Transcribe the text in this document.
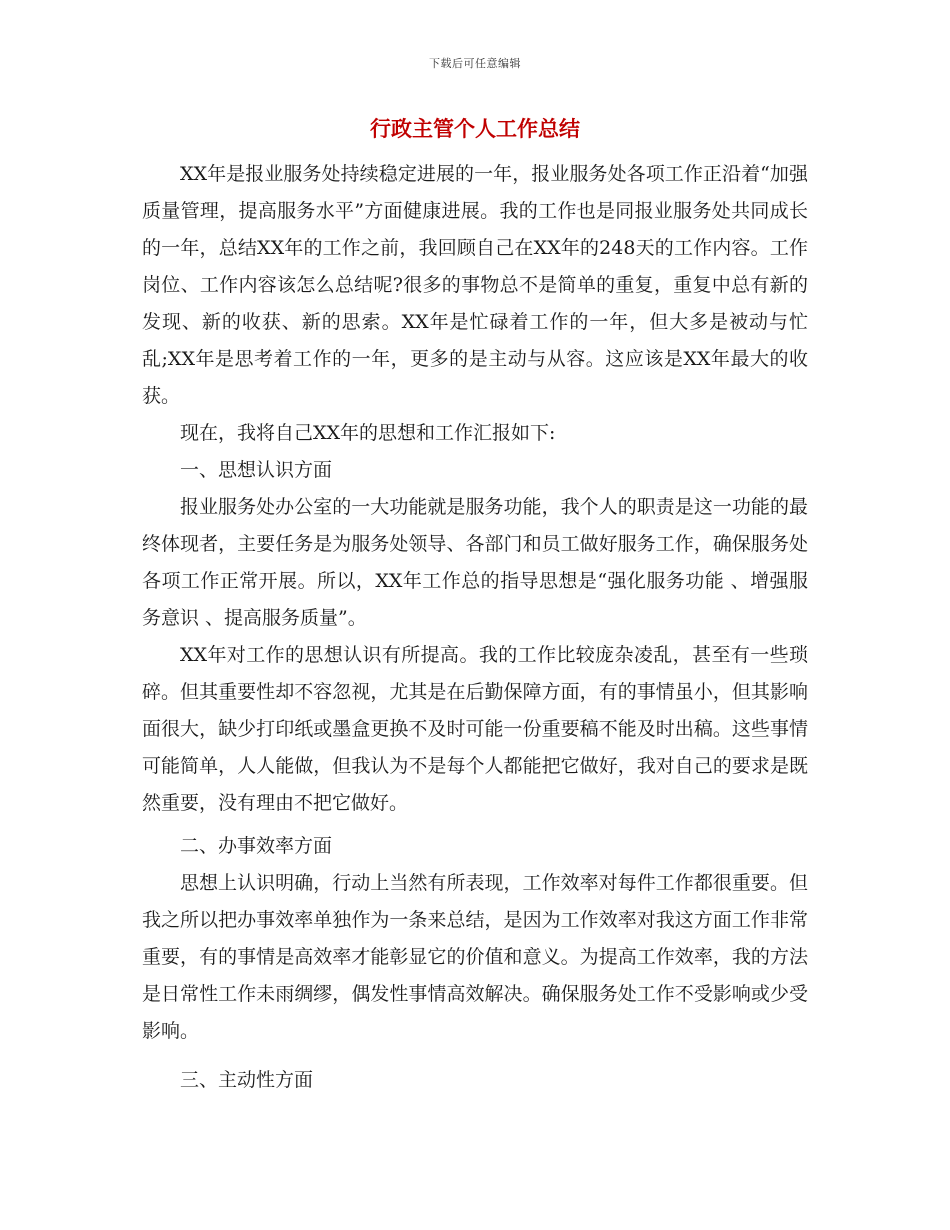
下载后可任意编辑
行政主管个人工作总结

XX年是报业服务处持续稳定进展的一年，报业服务处各项工作正沿着“加强质量管理，提高服务水平”方面健康进展。我的工作也是同报业服务处共同成长的一年，总结XX年的工作之前，我回顾自己在XX年的248天的工作内容。工作岗位、工作内容该怎么总结呢?很多的事物总不是简单的重复，重复中总有新的发现、新的收获、新的思索。XX年是忙碌着工作的一年，但大多是被动与忙乱;XX年是思考着工作的一年，更多的是主动与从容。这应该是XX年最大的收获。

现在，我将自己XX年的思想和工作汇报如下:

一、思想认识方面

报业服务处办公室的一大功能就是服务功能，我个人的职责是这一功能的最终体现者，主要任务是为服务处领导、各部门和员工做好服务工作，确保服务处各项工作正常开展。所以，XX年工作总的指导思想是“强化服务功能 、增强服务意识 、提高服务质量”。

XX年对工作的思想认识有所提高。我的工作比较庞杂凌乱，甚至有一些琐碎。但其重要性却不容忽视，尤其是在后勤保障方面，有的事情虽小，但其影响面很大，缺少打印纸或墨盒更换不及时可能一份重要稿不能及时出稿。这些事情可能简单，人人能做，但我认为不是每个人都能把它做好，我对自己的要求是既然重要，没有理由不把它做好。

二、办事效率方面

思想上认识明确，行动上当然有所表现，工作效率对每件工作都很重要。但我之所以把办事效率单独作为一条来总结，是因为工作效率对我这方面工作非常重要，有的事情是高效率才能彰显它的价值和意义。为提高工作效率，我的方法是日常性工作未雨绸缪，偶发性事情高效解决。确保服务处工作不受影响或少受影响。

三、主动性方面
